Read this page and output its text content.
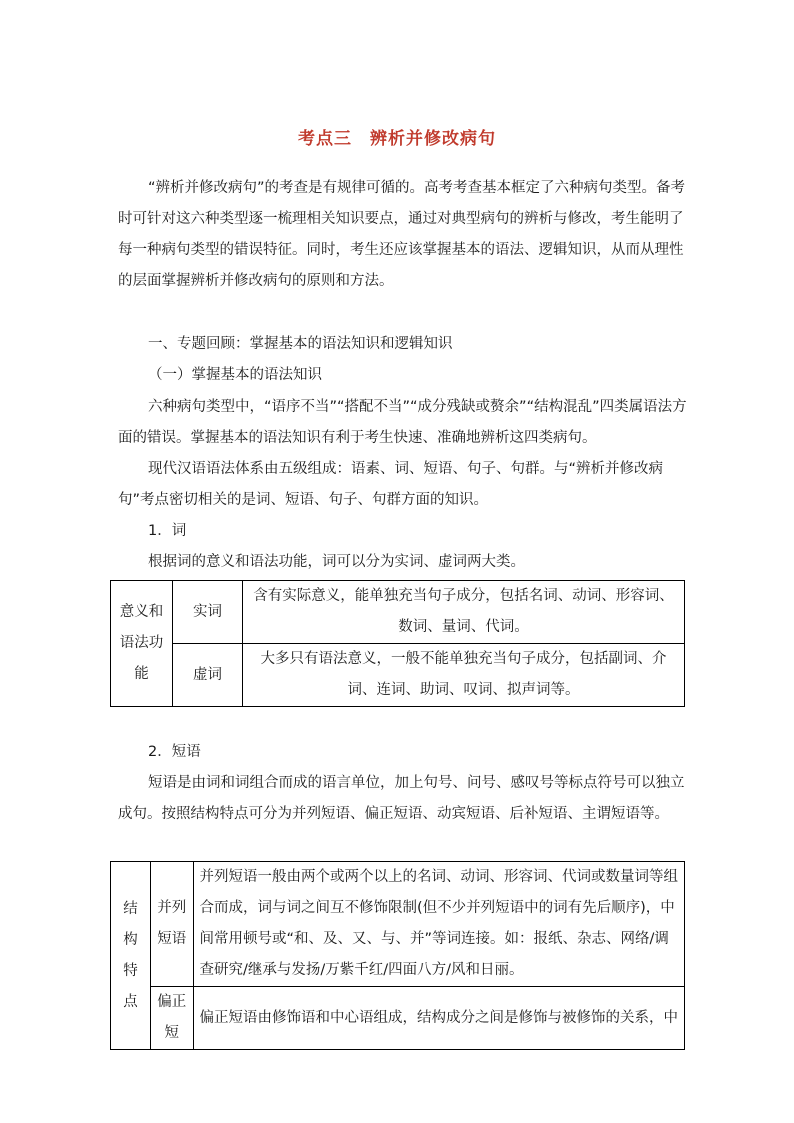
考点三 辨析并修改病句

“辨析并修改病句”的考查是有规律可循的。高考考查基本框定了六种病句类型。备考时可针对这六种类型逐一梳理相关知识要点，通过对典型病句的辨析与修改，考生能明了每一种病句类型的错误特征。同时，考生还应该掌握基本的语法、逻辑知识，从而从理性的层面掌握辨析并修改病句的原则和方法。

一、专题回顾：掌握基本的语法知识和逻辑知识

（一）掌握基本的语法知识

六种病句类型中，“语序不当”“搭配不当”“成分残缺或赘余”“结构混乱”四类属语法方面的错误。掌握基本的语法知识有利于考生快速、准确地辨析这四类病句。

现代汉语语法体系由五级组成：语素、词、短语、句子、句群。与“辨析并修改病句”考点密切相关的是词、短语、句子、句群方面的知识。

1．词

根据词的意义和语法功能，词可以分为实词、虚词两大类。

意义和语法功能	实词	含有实际意义，能单独充当句子成分，包括名词、动词、形容词、数词、量词、代词。
	虚词	大多只有语法意义，一般不能单独充当句子成分，包括副词、介词、连词、助词、叹词、拟声词等。

2．短语

短语是由词和词组合而成的语言单位，加上句号、问号、感叹号等标点符号可以独立成句。按照结构特点可分为并列短语、偏正短语、动宾短语、后补短语、主谓短语等。

结构特点	并列短语	并列短语一般由两个或两个以上的名词、动词、形容词、代词或数量词等组合而成，词与词之间互不修饰限制(但不少并列短语中的词有先后顺序)，中间常用顿号或“和、及、又、与、并”等词连接。如：报纸、杂志、网络/调查研究/继承与发扬/万紫千红/四面八方/风和日丽。
	偏正短	偏正短语由修饰语和中心语组成，结构成分之间是修饰与被修饰的关系，中
